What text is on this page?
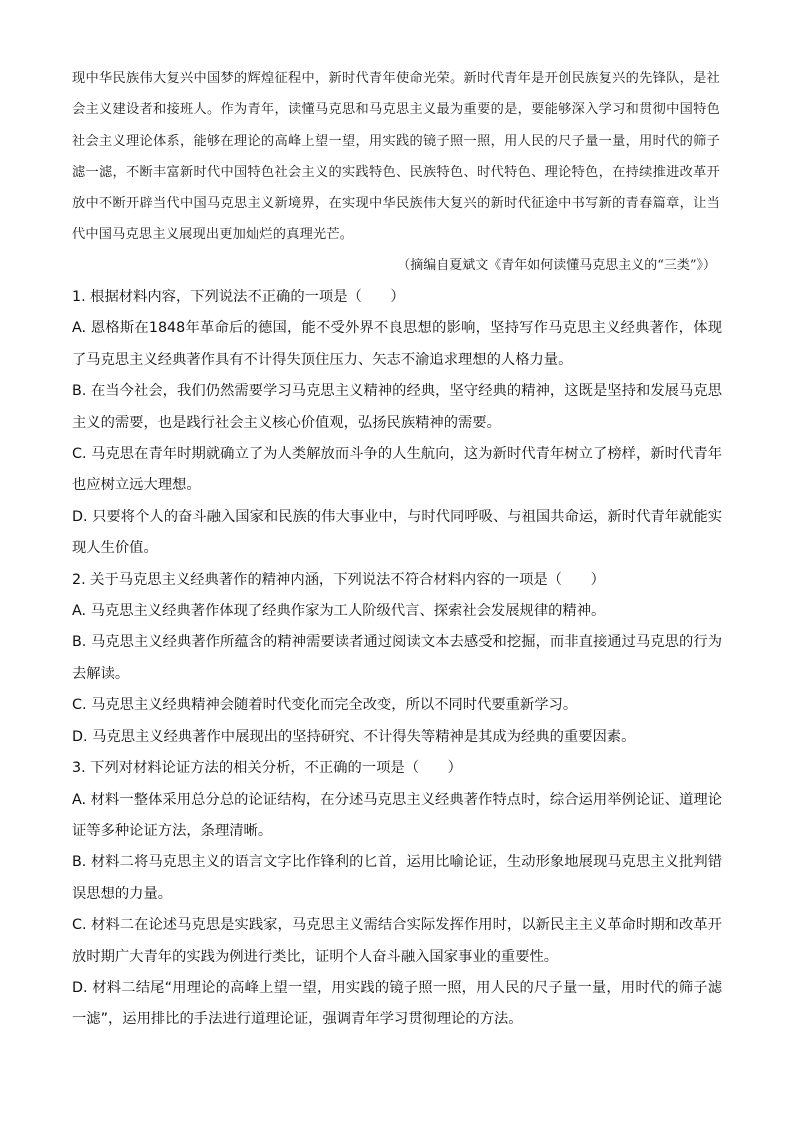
现中华民族伟大复兴中国梦的辉煌征程中，新时代青年使命光荣。新时代青年是开创民族复兴的先锋队，是社会主义建设者和接班人。作为青年，读懂马克思和马克思主义最为重要的是，要能够深入学习和贯彻中国特色社会主义理论体系，能够在理论的高峰上望一望，用实践的镜子照一照，用人民的尺子量一量，用时代的筛子滤一滤，不断丰富新时代中国特色社会主义的实践特色、民族特色、时代特色、理论特色，在持续推进改革开放中不断开辟当代中国马克思主义新境界，在实现中华民族伟大复兴的新时代征途中书写新的青春篇章，让当代中国马克思主义展现出更加灿烂的真理光芒。

（摘编自夏斌文《青年如何读懂马克思主义的“三类”》）

1. 根据材料内容，下列说法不正确的一项是（　　）

A. 恩格斯在1848年革命后的德国，能不受外界不良思想的影响，坚持写作马克思主义经典著作，体现了马克思主义经典著作具有不计得失顶住压力、矢志不渝追求理想的人格力量。

B. 在当今社会，我们仍然需要学习马克思主义精神的经典，坚守经典的精神，这既是坚持和发展马克思主义的需要，也是践行社会主义核心价值观，弘扬民族精神的需要。

C. 马克思在青年时期就确立了为人类解放而斗争的人生航向，这为新时代青年树立了榜样，新时代青年也应树立远大理想。

D. 只要将个人的奋斗融入国家和民族的伟大事业中，与时代同呼吸、与祖国共命运，新时代青年就能实现人生价值。

2. 关于马克思主义经典著作的精神内涵，下列说法不符合材料内容的一项是（　　）

A. 马克思主义经典著作体现了经典作家为工人阶级代言、探索社会发展规律的精神。

B. 马克思主义经典著作所蕴含的精神需要读者通过阅读文本去感受和挖掘，而非直接通过马克思的行为去解读。

C. 马克思主义经典精神会随着时代变化而完全改变，所以不同时代要重新学习。

D. 马克思主义经典著作中展现出的坚持研究、不计得失等精神是其成为经典的重要因素。

3. 下列对材料论证方法的相关分析，不正确的一项是（　　）

A. 材料一整体采用总分总的论证结构，在分述马克思主义经典著作特点时，综合运用举例论证、道理论证等多种论证方法，条理清晰。

B. 材料二将马克思主义的语言文字比作锋利的匕首，运用比喻论证，生动形象地展现马克思主义批判错误思想的力量。

C. 材料二在论述马克思是实践家，马克思主义需结合实际发挥作用时，以新民主主义革命时期和改革开放时期广大青年的实践为例进行类比，证明个人奋斗融入国家事业的重要性。

D. 材料二结尾“用理论的高峰上望一望，用实践的镜子照一照，用人民的尺子量一量，用时代的筛子滤一滤”，运用排比的手法进行道理论证，强调青年学习贯彻理论的方法。
